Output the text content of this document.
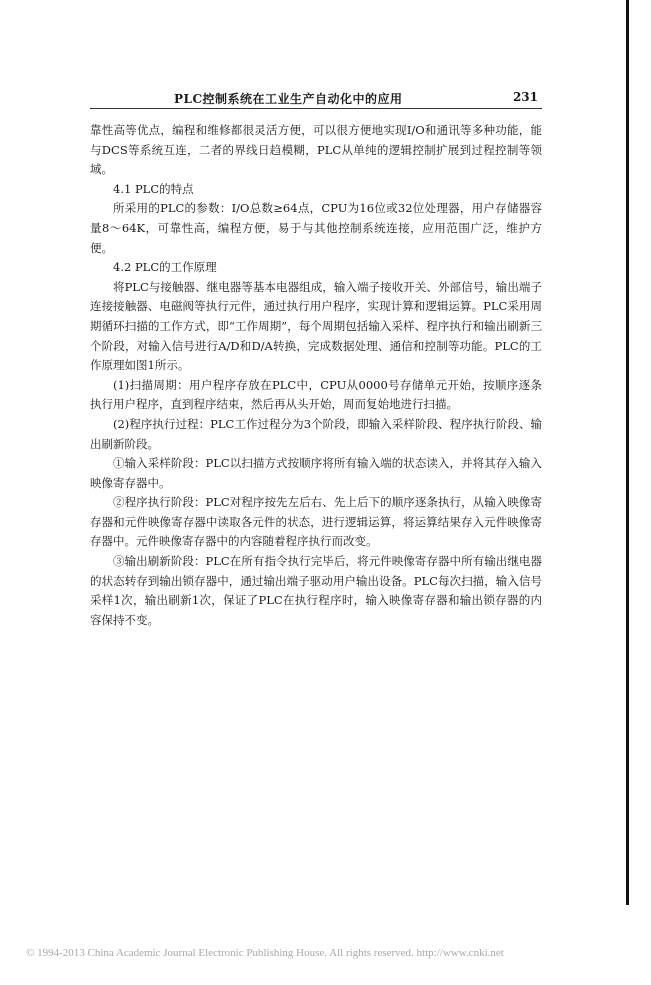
PLC控制系统在工业生产自动化中的应用	231

靠性高等优点，编程和维修都很灵活方便，可以很方便地实现I/O和通讯等多种功能，能与DCS等系统互连，二者的界线日趋模糊，PLC从单纯的逻辑控制扩展到过程控制等领域。

4.1 PLC的特点

所采用的PLC的参数：I/O总数≥64点，CPU为16位或32位处理器，用户存储器容量8～64K，可靠性高，编程方便，易于与其他控制系统连接，应用范围广泛，维护方便。

4.2 PLC的工作原理

将PLC与接触器、继电器等基本电器组成，输入端子接收开关、外部信号，输出端子连接接触器、电磁阀等执行元件，通过执行用户程序，实现计算和逻辑运算。PLC采用周期循环扫描的工作方式，即“工作周期”，每个周期包括输入采样、程序执行和输出刷新三个阶段，对输入信号进行A/D和D/A转换，完成数据处理、通信和控制等功能。PLC的工作原理如图1所示。

(1)扫描周期：用户程序存放在PLC中，CPU从0000号存储单元开始，按顺序逐条执行用户程序，直到程序结束，然后再从头开始，周而复始地进行扫描。

(2)程序执行过程：PLC工作过程分为3个阶段，即输入采样阶段、程序执行阶段、输出刷新阶段。

①输入采样阶段：PLC以扫描方式按顺序将所有输入端的状态读入，并将其存入输入映像寄存器中。

②程序执行阶段：PLC对程序按先左后右、先上后下的顺序逐条执行，从输入映像寄存器和元件映像寄存器中读取各元件的状态，进行逻辑运算，将运算结果存入元件映像寄存器中。元件映像寄存器中的内容随着程序执行而改变。

③输出刷新阶段：PLC在所有指令执行完毕后，将元件映像寄存器中所有输出继电器的状态转存到输出锁存器中，通过输出端子驱动用户输出设备。PLC每次扫描，输入信号采样1次，输出刷新1次，保证了PLC在执行程序时，输入映像寄存器和输出锁存器的内容保持不变。

© 1994-2013 China Academic Journal Electronic Publishing House. All rights reserved. http://www.cnki.net
